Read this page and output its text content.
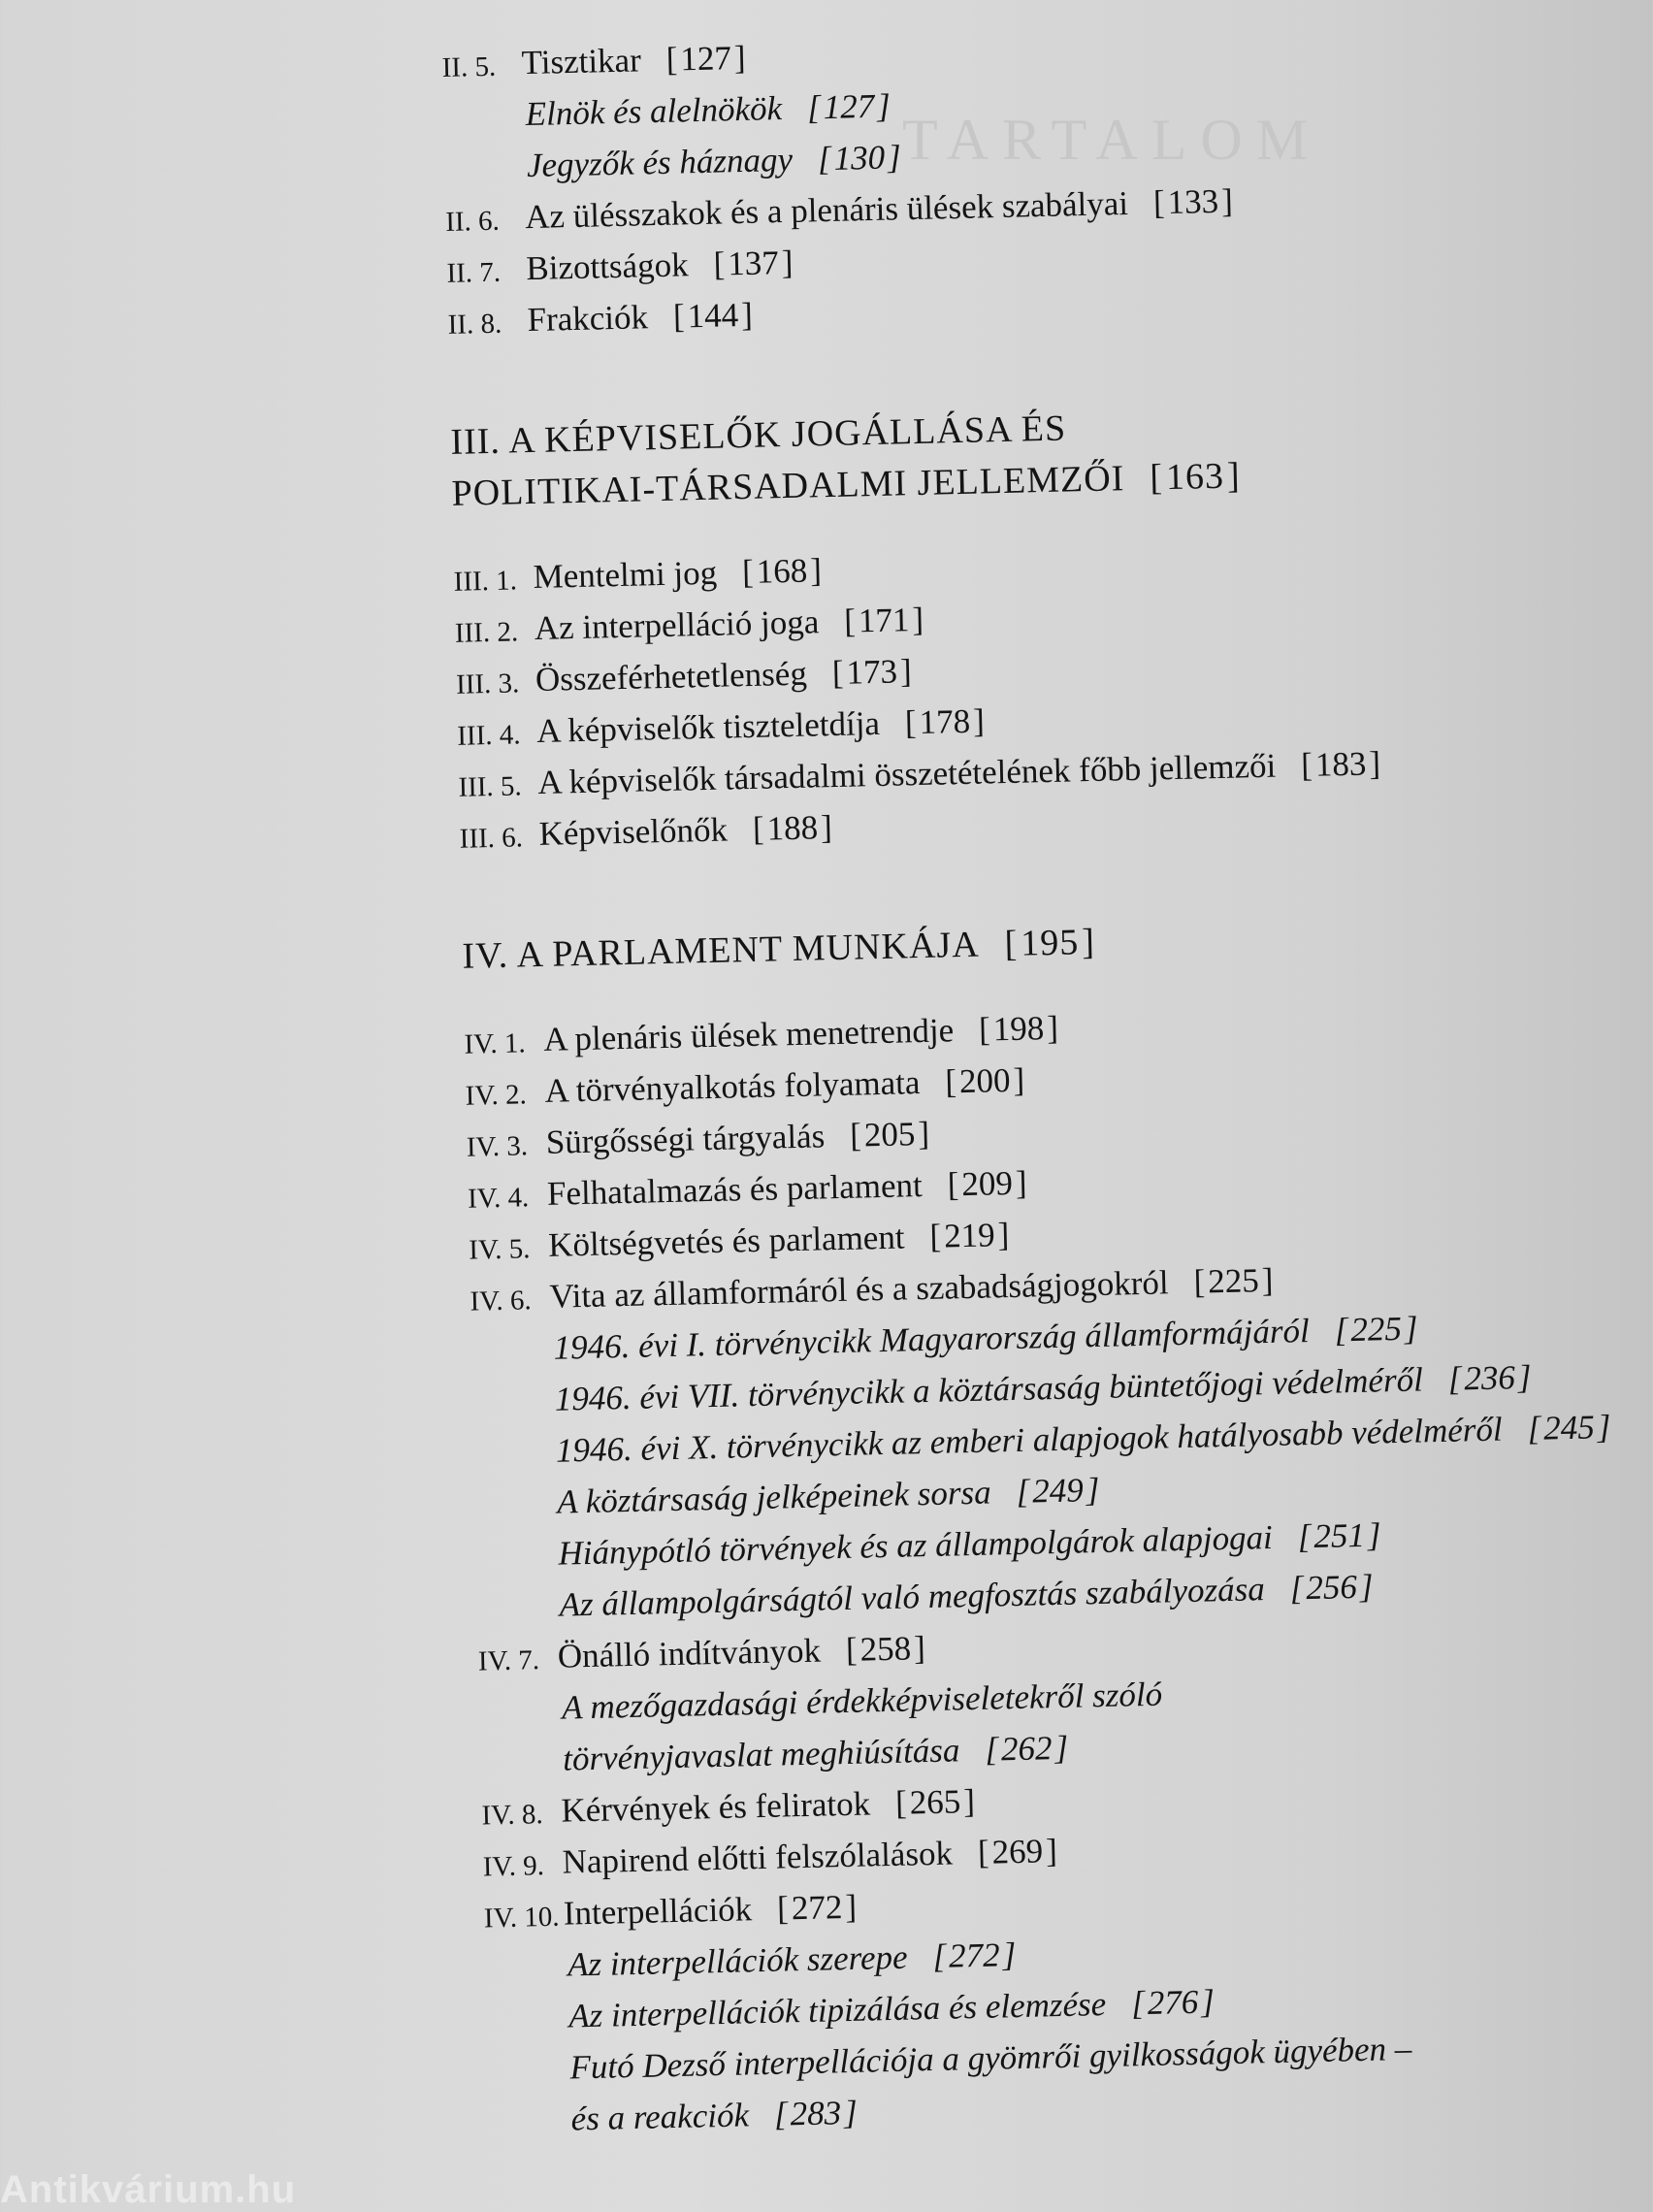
TARTALOM
II. 5. Tisztikar [ 127 ]
Elnök és alelnökök [ 127 ]
Jegyzők és háznagy [ 130 ]
II. 6. Az ülésszakok és a plenáris ülések szabályai [ 133 ]
II. 7. Bizottságok [ 137 ]
II. 8. Frakciók [ 144 ]
III. A KÉPVISELŐK JOGÁLLÁSA ÉS
POLITIKAI-TÁRSADALMI JELLEMZŐI [ 163 ]
III. 1. Mentelmi jog [ 168 ]
III. 2. Az interpelláció joga [ 171 ]
III. 3. Összeférhetetlenség [ 173 ]
III. 4. A képviselők tiszteletdíja [ 178 ]
III. 5. A képviselők társadalmi összetételének főbb jellemzői [ 183 ]
III. 6. Képviselőnők [ 188 ]
IV. A PARLAMENT MUNKÁJA [ 195 ]
IV. 1. A plenáris ülések menetrendje [ 198 ]
IV. 2. A törvényalkotás folyamata [ 200 ]
IV. 3. Sürgősségi tárgyalás [ 205 ]
IV. 4. Felhatalmazás és parlament [ 209 ]
IV. 5. Költségvetés és parlament [ 219 ]
IV. 6. Vita az államformáról és a szabadságjogokról [ 225 ]
1946. évi I. törvénycikk Magyarország államformájáról [ 225 ]
1946. évi VII. törvénycikk a köztársaság büntetőjogi védelméről [ 236 ]
1946. évi X. törvénycikk az emberi alapjogok hatályosabb védelméről [ 245 ]
A köztársaság jelképeinek sorsa [ 249 ]
Hiánypótló törvények és az állampolgárok alapjogai [ 251 ]
Az állampolgárságtól való megfosztás szabályozása [ 256 ]
IV. 7. Önálló indítványok [ 258 ]
A mezőgazdasági érdekképviseletekről szóló
törvényjavaslat meghiúsítása [ 262 ]
IV. 8. Kérvények és feliratok [ 265 ]
IV. 9. Napirend előtti felszólalások [ 269 ]
IV. 10. Interpellációk [ 272 ]
Az interpellációk szerepe [ 272 ]
Az interpellációk tipizálása és elemzése [ 276 ]
Futó Dezső interpellációja a gyömrői gyilkosságok ügyében –
és a reakciók [ 283 ]
Antikvárium.hu
